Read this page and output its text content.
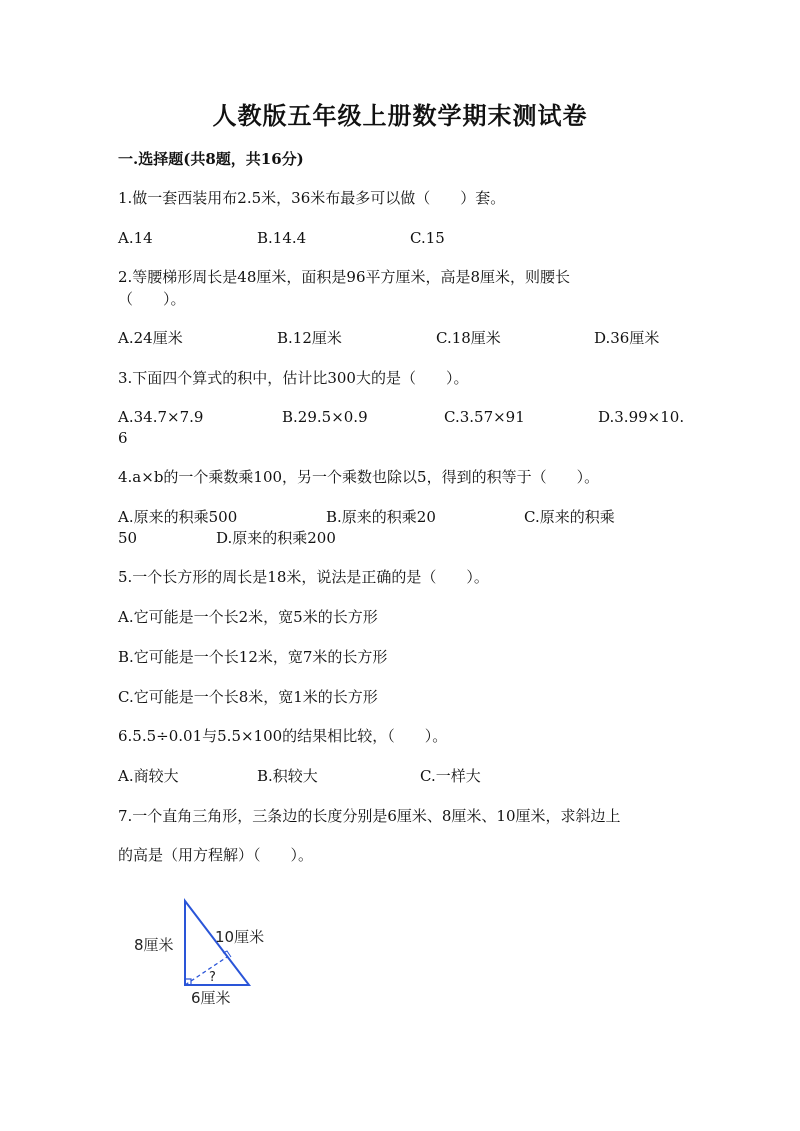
人教版五年级上册数学期末测试卷
一.选择题(共8题，共16分)
1.做一套西装用布2.5米，36米布最多可以做（　　）套。
A.14	B.14.4	C.15
2.等腰梯形周长是48厘米，面积是96平方厘米，高是8厘米，则腰长
（　　）。
A.24厘米	B.12厘米	C.18厘米	D.36厘米
3.下面四个算式的积中，估计比300大的是（　　）。
A.34.7×7.9	B.29.5×0.9	C.3.57×91	D.3.99×10.
6
4.a×b的一个乘数乘100，另一个乘数也除以5，得到的积等于（　　）。
A.原来的积乘500	B.原来的积乘20	C.原来的积乘
50	D.原来的积乘200
5.一个长方形的周长是18米，说法是正确的是（　　）。
A.它可能是一个长2米，宽5米的长方形
B.它可能是一个长12米，宽7米的长方形
C.它可能是一个长8米，宽1米的长方形
6.5.5÷0.01与5.5×100的结果相比较，（　　）。
A.商较大	B.积较大	C.一样大
7.一个直角三角形，三条边的长度分别是6厘米、8厘米、10厘米，求斜边上
的高是（用方程解）（　　）。
8厘米	10厘米
6厘米
?
